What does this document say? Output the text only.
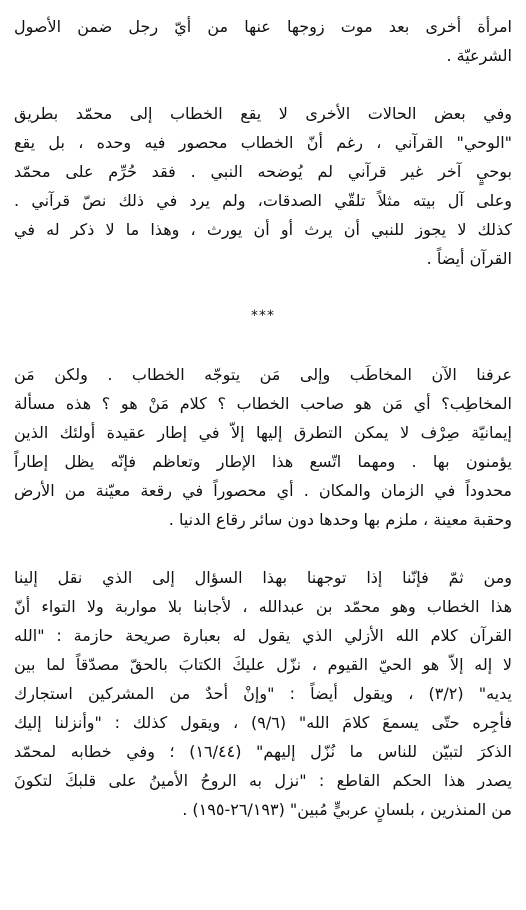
امرأة أخرى بعد موت زوجها عنها من أيّ رجل ضمن الأصول
الشرعيّة .
وفي بعض الحالات الأخرى لا يقع الخطاب إلى محمّد بطريق
"الوحي" القرآني ، رغم أنّ الخطاب محصور فيه وحده ، بل يقع
بوحيٍ آخر غير قرآني لم يُوضحه النبي . فقد حُرِّم على محمّد
وعلى آل بيته مثلاً تلقّي الصدقات، ولم يرد في ذلك نصّ قرآني .
كذلك لا يجوز للنبي أن يرث أو أن يورث ، وهذا ما لا ذكر له في
القرآن أيضاً .
***
عرفنا الآن المخاطَب وإلى مَن يتوجّه الخطاب . ولكن مَن
المخاطِب؟ أي مَن هو صاحب الخطاب ؟ كلام مَنْ هو ؟ هذه مسألة
إيمانيّة صِرْف لا يمكن التطرق إليها إلاّ في إطار عقيدة أولئك الذين
يؤمنون بها . ومهما اتّسع هذا الإطار وتعاظم فإنّه يظل إطاراً
محدوداً في الزمان والمكان . أي محصوراً في رقعة معيّنة من الأرض
وحقبة معينة ، ملزم بها وحدها دون سائر رقاع الدنيا .
ومن ثمّ فإنّنا إذا توجهنا بهذا السؤال إلى الذي نقل إلينا
هذا الخطاب وهو محمّد بن عبدالله ، لأجابنا بلا مواربة ولا التواء أنّ
القرآن كلام الله الأزلي الذي يقول له بعبارة صريحة حازمة : "الله
لا إله إلاّ هو الحيّ القيوم ، نزّل عليكَ الكتابَ بالحقّ مصدّقاً لما بين
يديه" (٣/٢) ، ويقول أيضاً : "وإنْ أحدٌ من المشركين استجارك
فأجِره حتّى يسمعَ كلامَ الله" (٩/٦) ، ويقول كذلك : "وأنزلنا إليك
الذكرَ لتبيّن للناس ما نُزّل إليهم" (١٦/٤٤) ؛ وفي خطابه لمحمّد
يصدر هذا الحكم القاطع : "نزل به الروحُ الأمينُ على قلبكَ لتكونَ
من المنذرين ، بلسانٍ عربيٍّ مُبين" (٢٦/١٩٣-١٩٥) .
